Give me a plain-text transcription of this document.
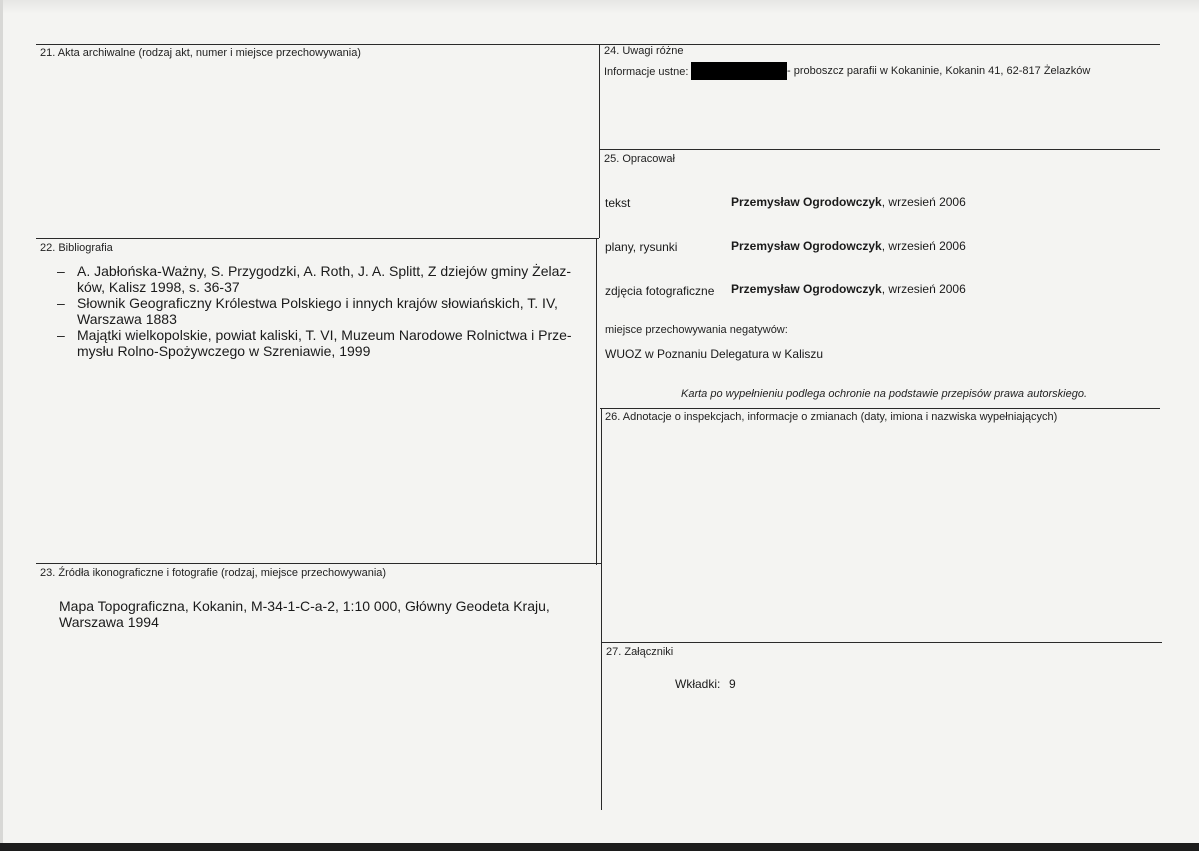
21. Akta archiwalne (rodzaj akt, numer i miejsce przechowywania)
22. Bibliografia
– A. Jabłońska-Ważny, S. Przygodzki, A. Roth, J. A. Splitt, Z dziejów gminy Żelaz-ków, Kalisz 1998, s. 36-37
– Słownik Geograficzny Królestwa Polskiego i innych krajów słowiańskich, T. IV, Warszawa 1883
– Majątki wielkopolskie, powiat kaliski, T. VI, Muzeum Narodowe Rolnictwa i Prze-mysłu Rolno-Spożywczego w Szreniawie, 1999
23. Źródła ikonograficzne i fotografie (rodzaj, miejsce przechowywania)
Mapa Topograficzna, Kokanin, M-34-1-C-a-2, 1:10 000, Główny Geodeta Kraju,
Warszawa 1994
24. Uwagi różne
Informacje ustne:	- proboszcz parafii w Kokaninie, Kokanin 41, 62-817 Żelazków
25. Opracował
tekst	Przemysław Ogrodowczyk, wrzesień 2006
plany, rysunki	Przemysław Ogrodowczyk, wrzesień 2006
zdjęcia fotograficzne Przemysław Ogrodowczyk, wrzesień 2006
miejsce przechowywania negatywów:
WUOZ w Poznaniu Delegatura w Kaliszu
Karta po wypełnieniu podlega ochronie na podstawie przepisów prawa autorskiego.
26. Adnotacje o inspekcjach, informacje o zmianach (daty, imiona i nazwiska wypełniających)
27. Załączniki
Wkładki: 9
